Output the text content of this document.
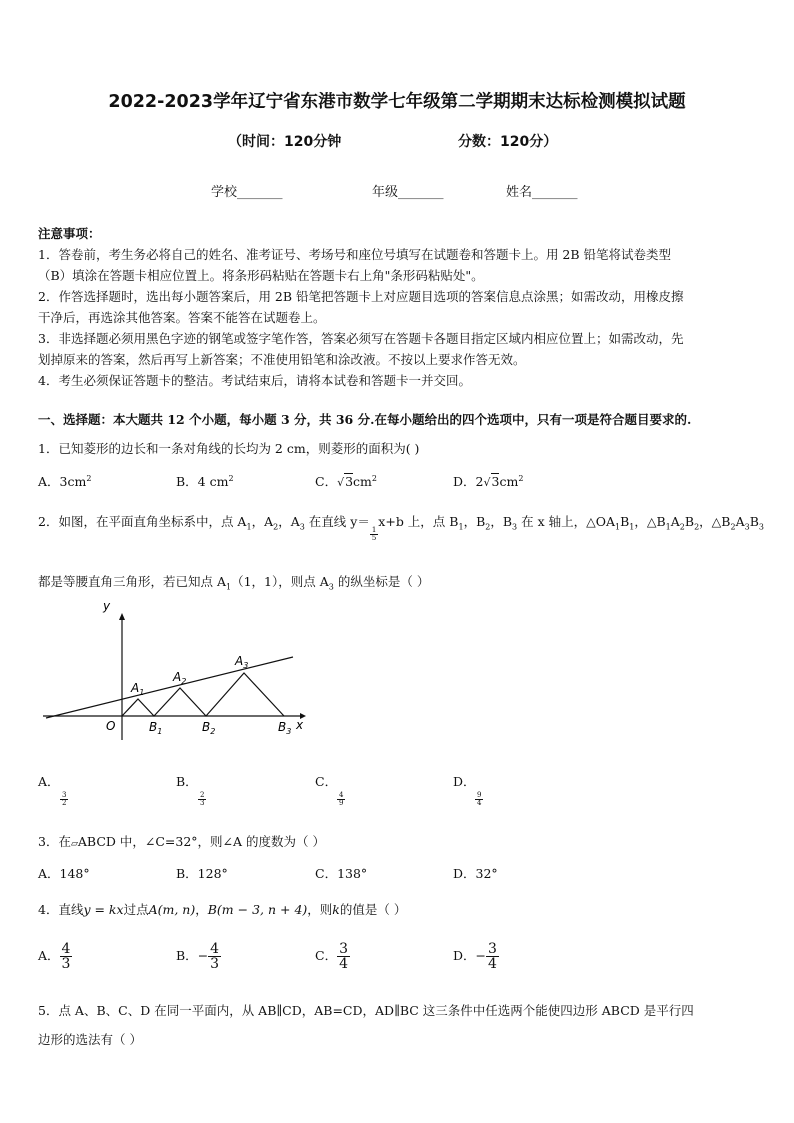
2022-2023学年辽宁省东港市数学七年级第二学期期末达标检测模拟试题
（时间：120分钟	分数：120分）
学校_______	年级_______	姓名_______
注意事项：
1．答卷前，考生务必将自己的姓名、准考证号、考场号和座位号填写在试题卷和答题卡上。用 2B 铅笔将试卷类型
（B）填涂在答题卡相应位置上。将条形码粘贴在答题卡右上角"条形码粘贴处"。
2．作答选择题时，选出每小题答案后，用 2B 铅笔把答题卡上对应题目选项的答案信息点涂黑；如需改动，用橡皮擦
干净后，再选涂其他答案。答案不能答在试题卷上。
3．非选择题必须用黑色字迹的钢笔或签字笔作答，答案必须写在答题卡各题目指定区域内相应位置上；如需改动，先
划掉原来的答案，然后再写上新答案；不准使用铅笔和涂改液。不按以上要求作答无效。
4．考生必须保证答题卡的整洁。考试结束后，请将本试卷和答题卡一并交回。
一、选择题：本大题共 12 个小题，每小题 3 分，共 36 分.在每小题给出的四个选项中，只有一项是符合题目要求的.
1．已知菱形的边长和一条对角线的长均为 2 cm，则菱形的面积为( )
A．$3cm^2$	B．4 $cm^2$	C．$√3cm^2$	D．$2√3cm^2$
2．如图，在平面直角坐标系中，点 $A_1$，$A_2$，$A_3$ 在直线 y＝
$\frac{1}{5}$
x+b 上，点 $B_1$，$B_2$，$B_3$ 在 x 轴上，$\triangle OA_1B_1$，$\triangle B_1A_2B_2$，$\triangle B_2A_3B_3$
都是等腰直角三角形，若已知点 $A_1(1$，1），则点 $A_3$ 的纵坐标是（ ）
y
x
O
$A_1$
$A_2$
$A_3$
$B_1$	$B_2$	$B_3$
A．

$\frac{3}{2}$
B．

$\frac{2}{3}$
C．

$\frac{4}{9}$
D．

$\frac{9}{4}$
3．在▱ABCD 中，∠C=32°，则∠A 的度数为（ ）
A．148°	B．128°	C．138°	D．32°
4．直线y = kx过点A(m, n)，B(m − 3, n + 4)，则k的值是（ ）
A． $\frac{4}{3}$	B．− $\frac{4}{3}$	C． $\frac{3}{4}$	D．− $\frac{3}{4}$
5．点 A、B、C、D 在同一平面内，从 AB∥CD，AB=CD，AD∥BC 这三条件中任选两个能使四边形 ABCD 是平行四
边形的选法有（ ）
